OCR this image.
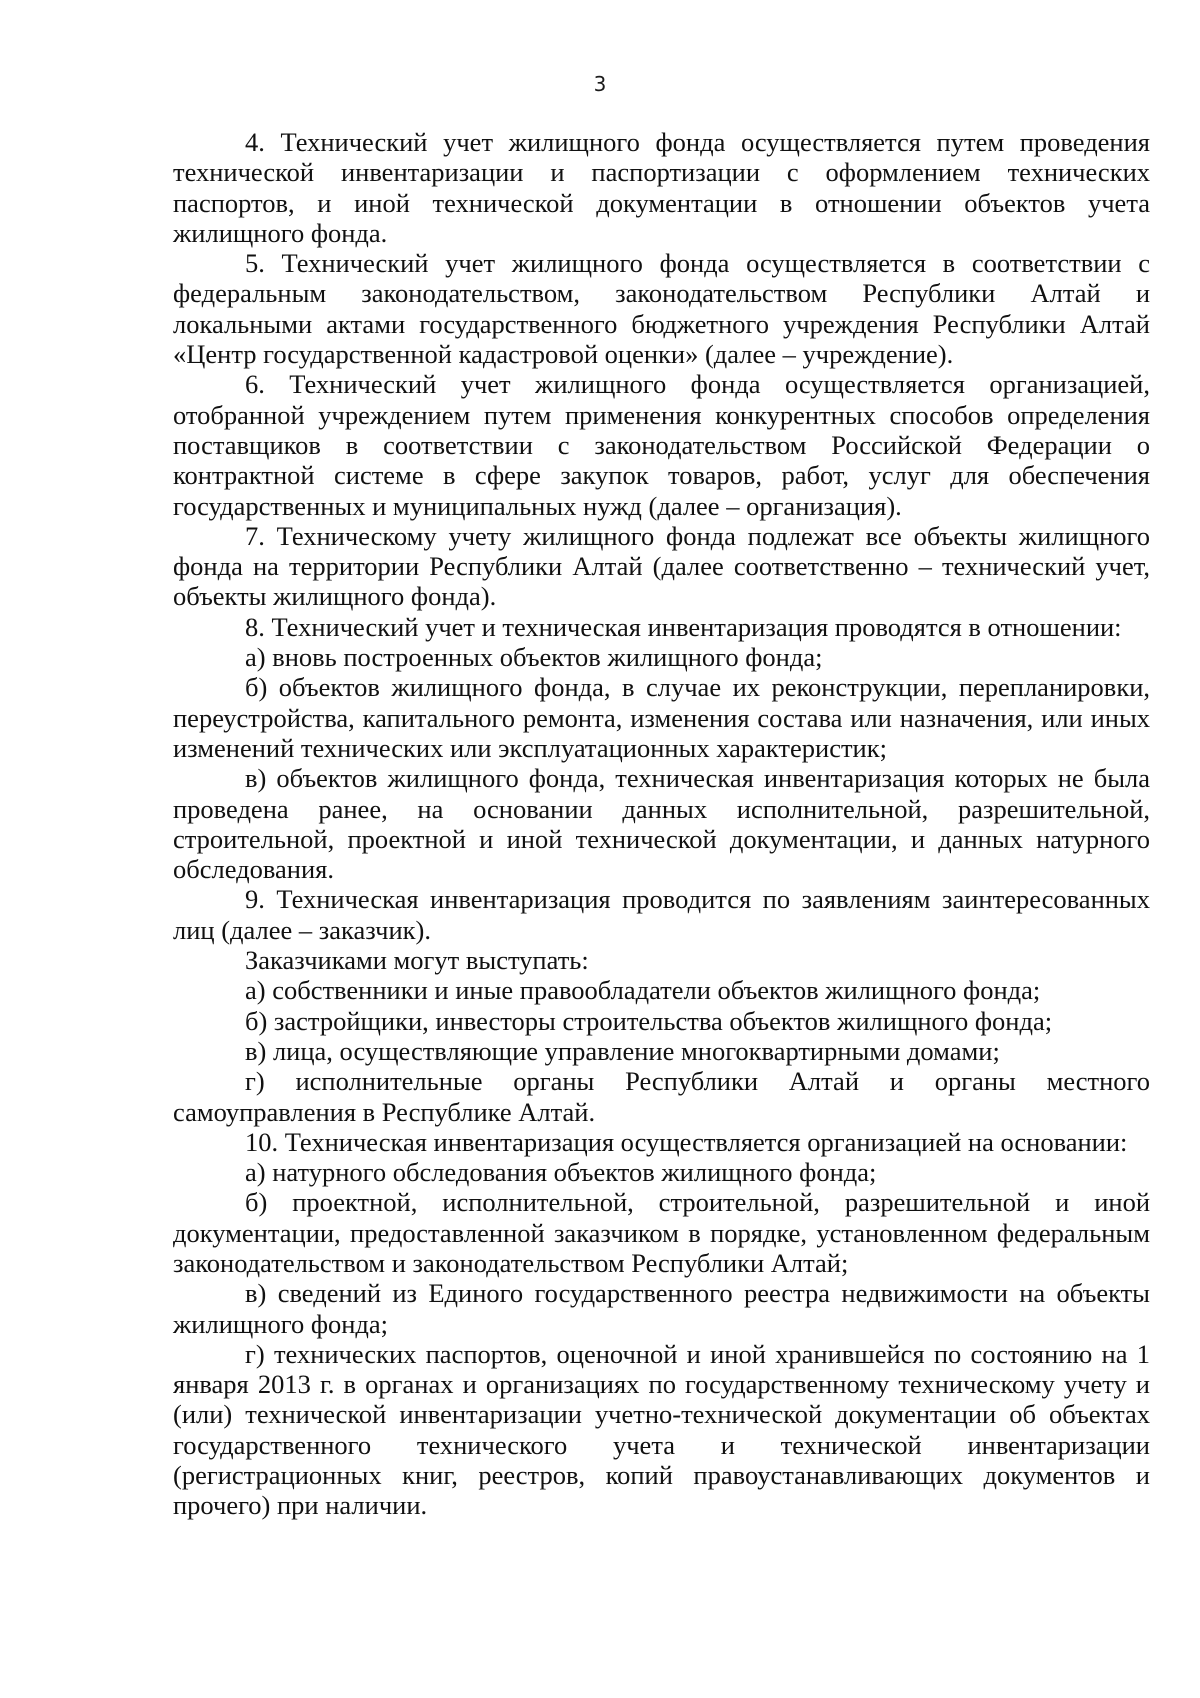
3

4. Технический учет жилищного фонда осуществляется путем проведения технической инвентаризации и паспортизации с оформлением технических паспортов, и иной технической документации в отношении объектов учета жилищного фонда.

5. Технический учет жилищного фонда осуществляется в соответствии с федеральным законодательством, законодательством Республики Алтай и локальными актами государственного бюджетного учреждения Республики Алтай «Центр государственной кадастровой оценки» (далее – учреждение).

6. Технический учет жилищного фонда осуществляется организацией, отобранной учреждением путем применения конкурентных способов определения поставщиков в соответствии с законодательством Российской Федерации о контрактной системе в сфере закупок товаров, работ, услуг для обеспечения государственных и муниципальных нужд (далее – организация).

7. Техническому учету жилищного фонда подлежат все объекты жилищного фонда на территории Республики Алтай (далее соответственно – технический учет, объекты жилищного фонда).

8. Технический учет и техническая инвентаризация проводятся в отношении:

а) вновь построенных объектов жилищного фонда;

б) объектов жилищного фонда, в случае их реконструкции, перепланировки, переустройства, капитального ремонта, изменения состава или назначения, или иных изменений технических или эксплуатационных характеристик;

в) объектов жилищного фонда, техническая инвентаризация которых не была проведена ранее, на основании данных исполнительной, разрешительной, строительной, проектной и иной технической документации, и данных натурного обследования.

9. Техническая инвентаризация проводится по заявлениям заинтересованных лиц (далее – заказчик).

Заказчиками могут выступать:

а) собственники и иные правообладатели объектов жилищного фонда;

б) застройщики, инвесторы строительства объектов жилищного фонда;

в) лица, осуществляющие управление многоквартирными домами;

г) исполнительные органы Республики Алтай и органы местного самоуправления в Республике Алтай.

10. Техническая инвентаризация осуществляется организацией на основании:

а) натурного обследования объектов жилищного фонда;

б) проектной, исполнительной, строительной, разрешительной и иной документации, предоставленной заказчиком в порядке, установленном федеральным законодательством и законодательством Республики Алтай;

в) сведений из Единого государственного реестра недвижимости на объекты жилищного фонда;

г) технических паспортов, оценочной и иной хранившейся по состоянию на 1 января 2013 г. в органах и организациях по государственному техническому учету и (или) технической инвентаризации учетно-технической документации об объектах государственного технического учета и технической инвентаризации (регистрационных книг, реестров, копий правоустанавливающих документов и прочего) при наличии.
